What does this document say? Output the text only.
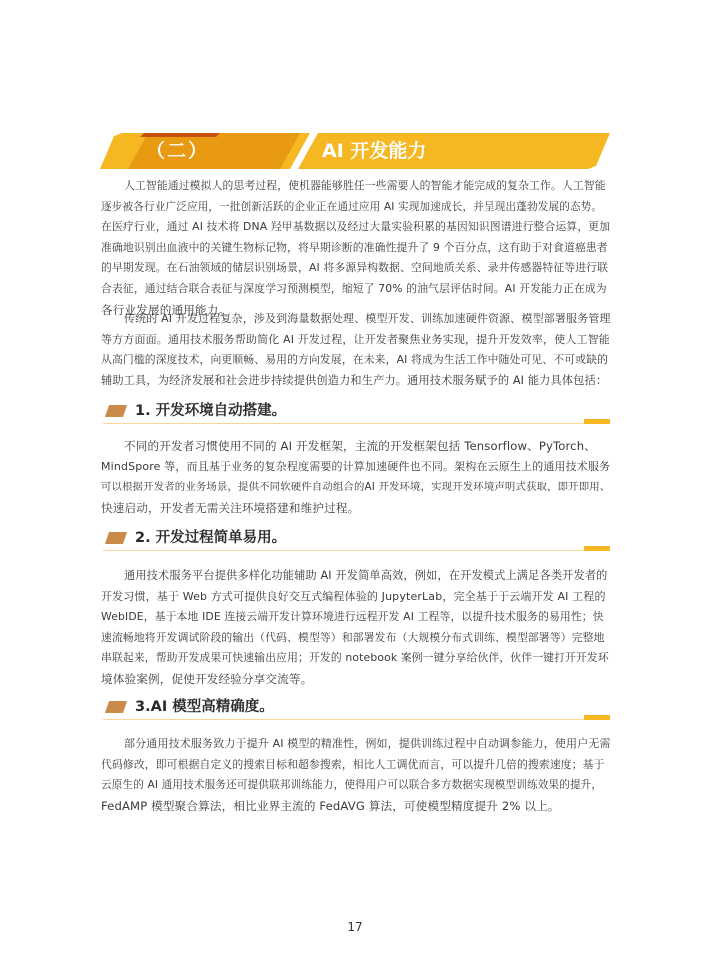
（二）	AI 开发能力
人工智能通过模拟人的思考过程，使机器能够胜任一些需要人的智能才能完成的复杂工作。人工智能
逐步被各行业广泛应用，一批创新活跃的企业正在通过应用 AI 实现加速成长，并呈现出蓬勃发展的态势。
在医疗行业，通过 AI 技术将 DNA 羟甲基数据以及经过大量实验积累的基因知识图谱进行整合运算，更加
准确地识别出血液中的关键生物标记物，将早期诊断的准确性提升了 9 个百分点，这有助于对食道癌患者
的早期发现。在石油领域的储层识别场景，AI 将多源异构数据、空间地质关系、录井传感器特征等进行联
合表征，通过结合联合表征与深度学习预测模型，缩短了 70% 的油气层评估时间。AI 开发能力正在成为
各行业发展的通用能力。
传统的 AI 开发过程复杂，涉及到海量数据处理、模型开发、训练加速硬件资源、模型部署服务管理
等方方面面。通用技术服务帮助简化 AI 开发过程，让开发者聚焦业务实现，提升开发效率，使人工智能
从高门槛的深度技术，向更顺畅、易用的方向发展，在未来，AI 将成为生活工作中随处可见、不可或缺的
辅助工具，为经济发展和社会进步持续提供创造力和生产力。通用技术服务赋予的 AI 能力具体包括：
1. 开发环境自动搭建。
不同的开发者习惯使用不同的 AI 开发框架，主流的开发框架包括 Tensorflow、PyTorch、
MindSpore 等，而且基于业务的复杂程度需要的计算加速硬件也不同。架构在云原生上的通用技术服务
可以根据开发者的业务场景，提供不同软硬件自动组合的AI 开发环境，实现开发环境声明式获取，即开即用、
快速启动，开发者无需关注环境搭建和维护过程。
2. 开发过程简单易用。
通用技术服务平台提供多样化功能辅助 AI 开发简单高效，例如，在开发模式上满足各类开发者的
开发习惯，基于 Web 方式可提供良好交互式编程体验的 JupyterLab，完全基于于云端开发 AI 工程的
WebIDE，基于本地 IDE 连接云端开发计算环境进行远程开发 AI 工程等，以提升技术服务的易用性；快
速流畅地将开发调试阶段的输出（代码、模型等）和部署发布（大规模分布式训练、模型部署等）完整地
串联起来，帮助开发成果可快速输出应用；开发的 notebook 案例一键分享给伙伴，伙伴一键打开开发环
境体验案例，促使开发经验分享交流等。
3.AI 模型高精确度。
部分通用技术服务致力于提升 AI 模型的精准性，例如，提供训练过程中自动调参能力，使用户无需
代码修改，即可根据自定义的搜索目标和超参搜索，相比人工调优而言，可以提升几倍的搜索速度；基于
云原生的 AI 通用技术服务还可提供联邦训练能力，使得用户可以联合多方数据实现模型训练效果的提升，
FedAMP 模型聚合算法，相比业界主流的 FedAVG 算法，可使模型精度提升 2% 以上。
17
